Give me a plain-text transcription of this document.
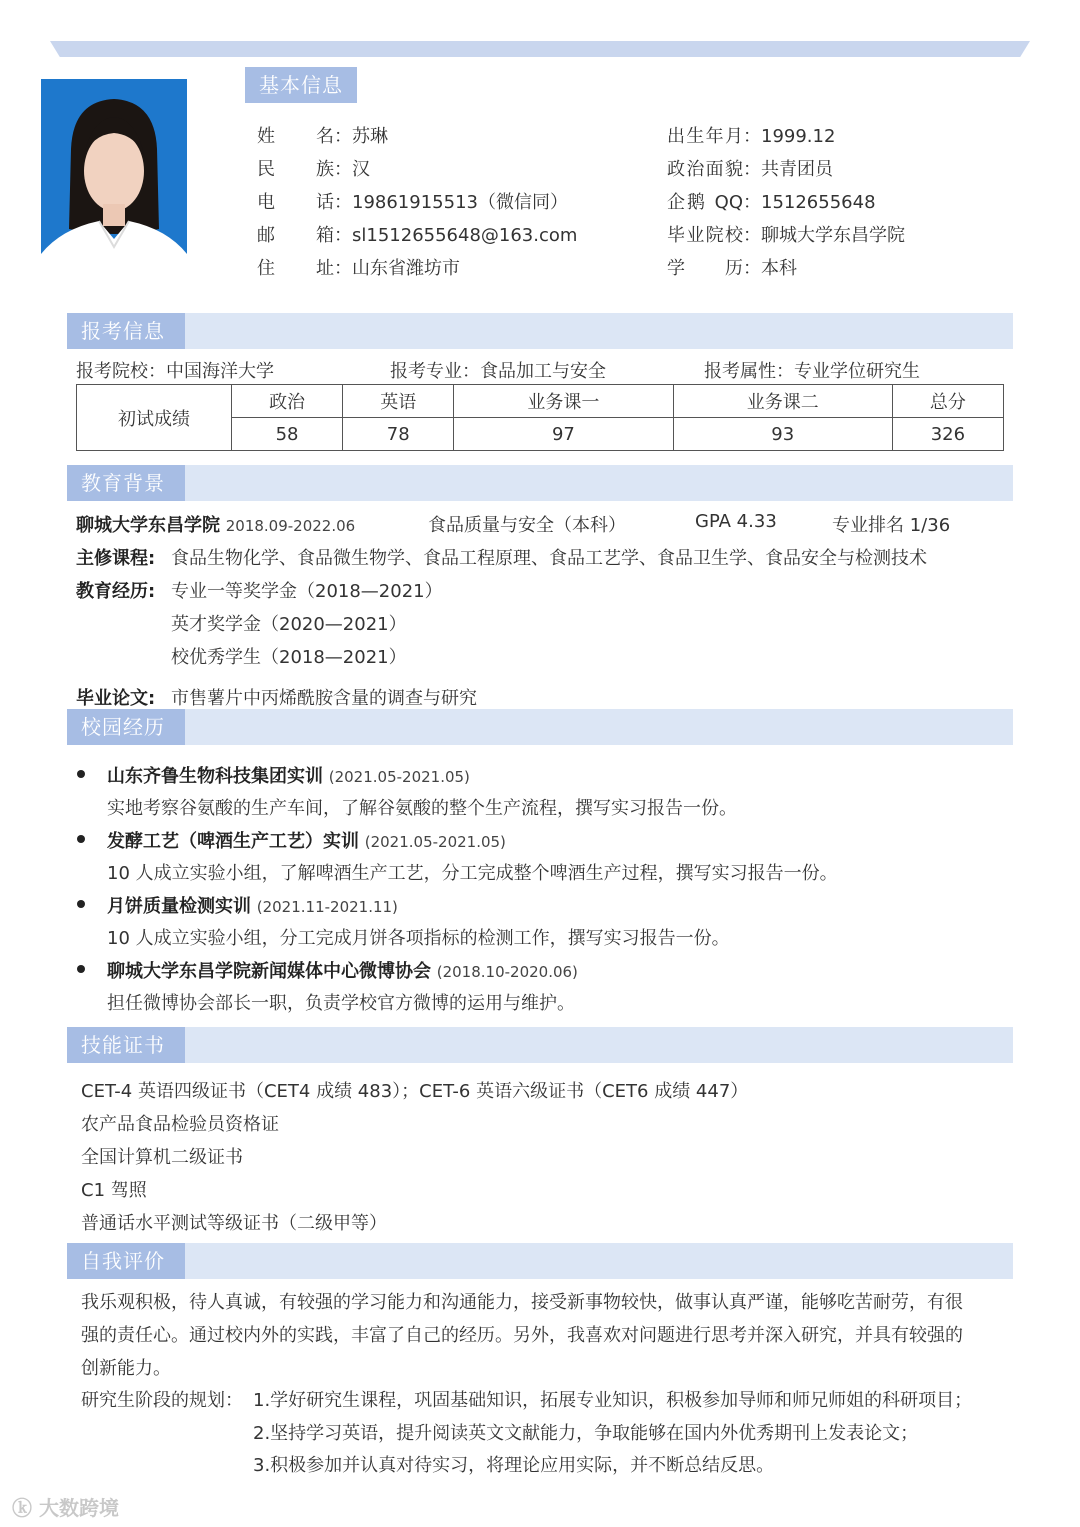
基本信息
姓名：苏琳
民族：汉
电话：19861915513（微信同）
邮箱：sl1512655648@163.com
住址：山东省潍坊市
出生年月：1999.12
政治面貌：共青团员
企鹅 QQ：1512655648
毕业院校：聊城大学东昌学院
学历：本科
报考信息
报考院校：中国海洋大学	报考专业：食品加工与安全	报考属性：专业学位研究生
初试成绩	政治	英语	业务课一	业务课二	总分
	58	78	97	93	326
教育背景
聊城大学东昌学院 2018.09-2022.06	食品质量与安全（本科）	GPA 4.33	专业排名 1/36
主修课程: 食品生物化学、食品微生物学、食品工程原理、食品工艺学、食品卫生学、食品安全与检测技术
教育经历: 专业一等奖学金（2018—2021）
英才奖学金（2020—2021）
校优秀学生（2018—2021）
毕业论文: 市售薯片中丙烯酰胺含量的调查与研究
校园经历
山东齐鲁生物科技集团实训 (2021.05-2021.05)
实地考察谷氨酸的生产车间，了解谷氨酸的整个生产流程，撰写实习报告一份。
发酵工艺（啤酒生产工艺）实训 (2021.05-2021.05)
10 人成立实验小组，了解啤酒生产工艺，分工完成整个啤酒生产过程，撰写实习报告一份。
月饼质量检测实训 (2021.11-2021.11)
10 人成立实验小组，分工完成月饼各项指标的检测工作，撰写实习报告一份。
聊城大学东昌学院新闻媒体中心微博协会 (2018.10-2020.06)
担任微博协会部长一职，负责学校官方微博的运用与维护。
技能证书
CET-4 英语四级证书（CET4 成绩 483）；CET-6 英语六级证书（CET6 成绩 447）
农产品食品检验员资格证
全国计算机二级证书
C1 驾照
普通话水平测试等级证书（二级甲等）
自我评价
我乐观积极，待人真诚，有较强的学习能力和沟通能力，接受新事物较快，做事认真严谨，能够吃苦耐劳，有很
强的责任心。通过校内外的实践，丰富了自己的经历。另外，我喜欢对问题进行思考并深入研究，并具有较强的
创新能力。
研究生阶段的规划： 1.学好研究生课程，巩固基础知识，拓展专业知识，积极参加导师和师兄师姐的科研项目；
2.坚持学习英语，提升阅读英文文献能力，争取能够在国内外优秀期刊上发表论文；
3.积极参加并认真对待实习，将理论应用实际，并不断总结反思。
ⓚ 大数跨境
